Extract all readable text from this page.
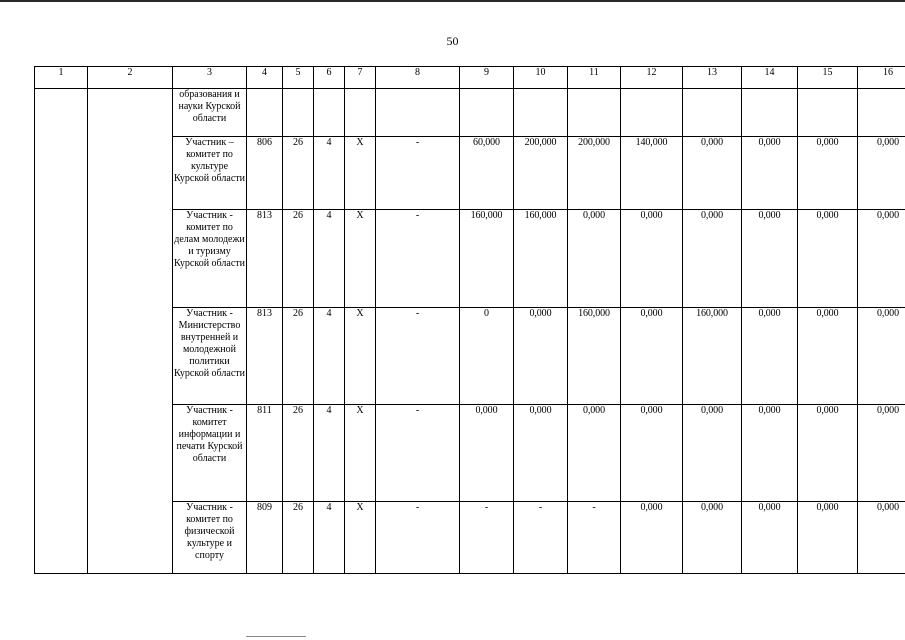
50
1	2	3	4	5	6	7	8	9	10	11	12	13	14	15	16
		образования и науки Курской области													
		Участник – комитет по культуре Курской области	806	26	4	Х	-	60,000	200,000	200,000	140,000	0,000	0,000	0,000	0,000
		Участник - комитет по делам молодежи и туризму Курской области	813	26	4	Х	-	160,000	160,000	0,000	0,000	0,000	0,000	0,000	0,000
		Участник - Министерство внутренней и молодежной политики Курской области	813	26	4	Х	-	0	0,000	160,000	0,000	160,000	0,000	0,000	0,000
		Участник - комитет информации и печати Курской области	811	26	4	Х	-	0,000	0,000	0,000	0,000	0,000	0,000	0,000	0,000
		Участник - комитет по физической культуре и спорту	809	26	4	Х	-	-	-	-	0,000	0,000	0,000	0,000	0,000
